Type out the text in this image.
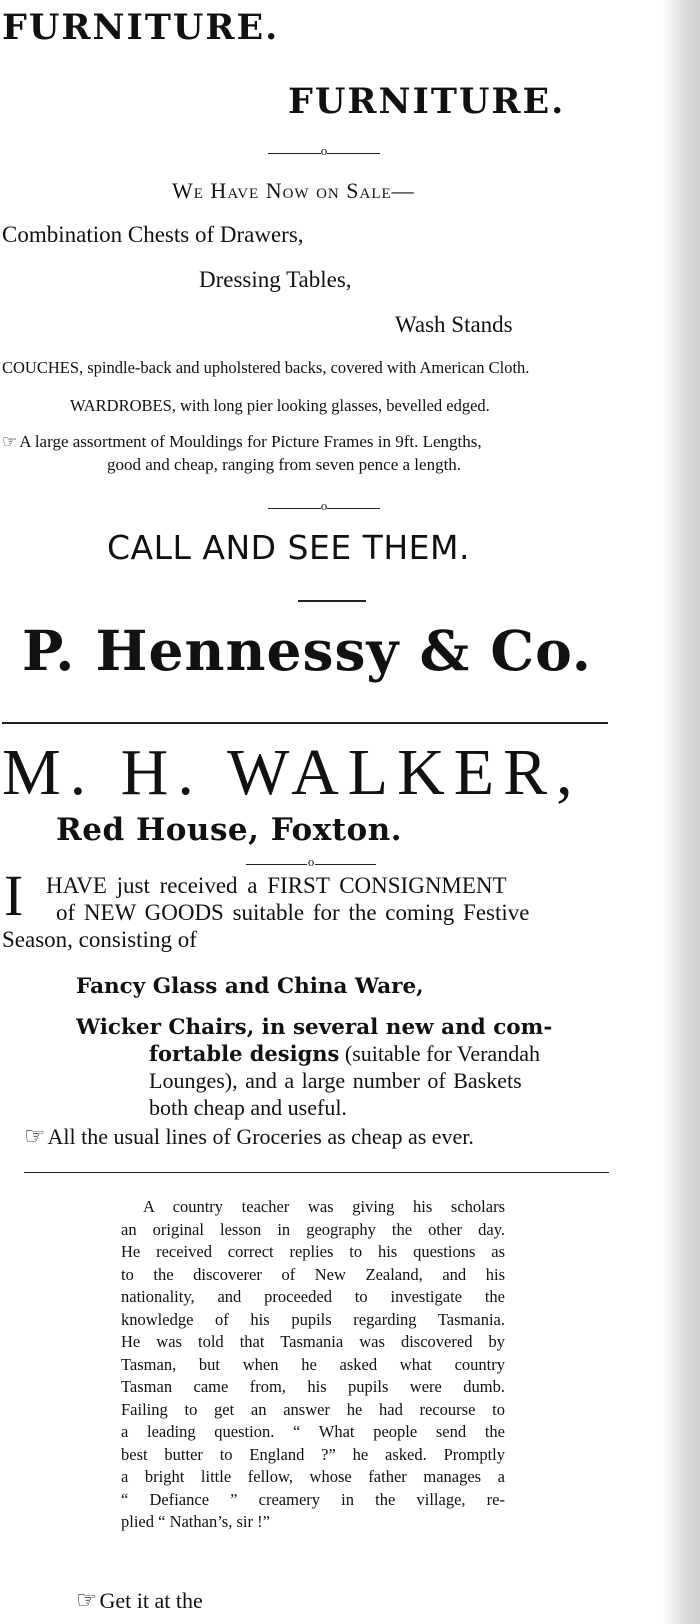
FURNITURE.
FURNITURE.
o
We Have Now on Sale—
Combination Chests of Drawers,
Dressing Tables,
Wash Stands
COUCHES, spindle-back and upholstered backs, covered with American Cloth.
WARDROBES, with long pier looking glasses, bevelled edged.
☞ A large assortment of Mouldings for Picture Frames in 9ft. Lengths,
good and cheap, ranging from seven pence a length.
o
CALL AND SEE THEM.
P. Hennessy & Co.
M. H. WALKER,
Red House, Foxton.
o
I HAVE just received a FIRST CONSIGNMENT
of NEW GOODS suitable for the coming Festive
Season, consisting of
Fancy Glass and China Ware,
Wicker Chairs, in several new and com-
fortable designs (suitable for Verandah
Lounges), and a large number of Baskets
both cheap and useful.
☞All the usual lines of Groceries as cheap as ever.
A country teacher was giving his scholars
an original lesson in geography the other day.
He received correct replies to his questions as
to the discoverer of New Zealand, and his
nationality, and proceeded to investigate the
knowledge of his pupils regarding Tasmania.
He was told that Tasmania was discovered by
Tasman, but when he asked what country
Tasman came from, his pupils were dumb.
Failing to get an answer he had recourse to
a leading question. “ What people send the
best butter to England ?” he asked. Promptly
a bright little fellow, whose father manages a
“ Defiance ” creamery in the village, re-
plied “ Nathan’s, sir !”
☞Get it at the
